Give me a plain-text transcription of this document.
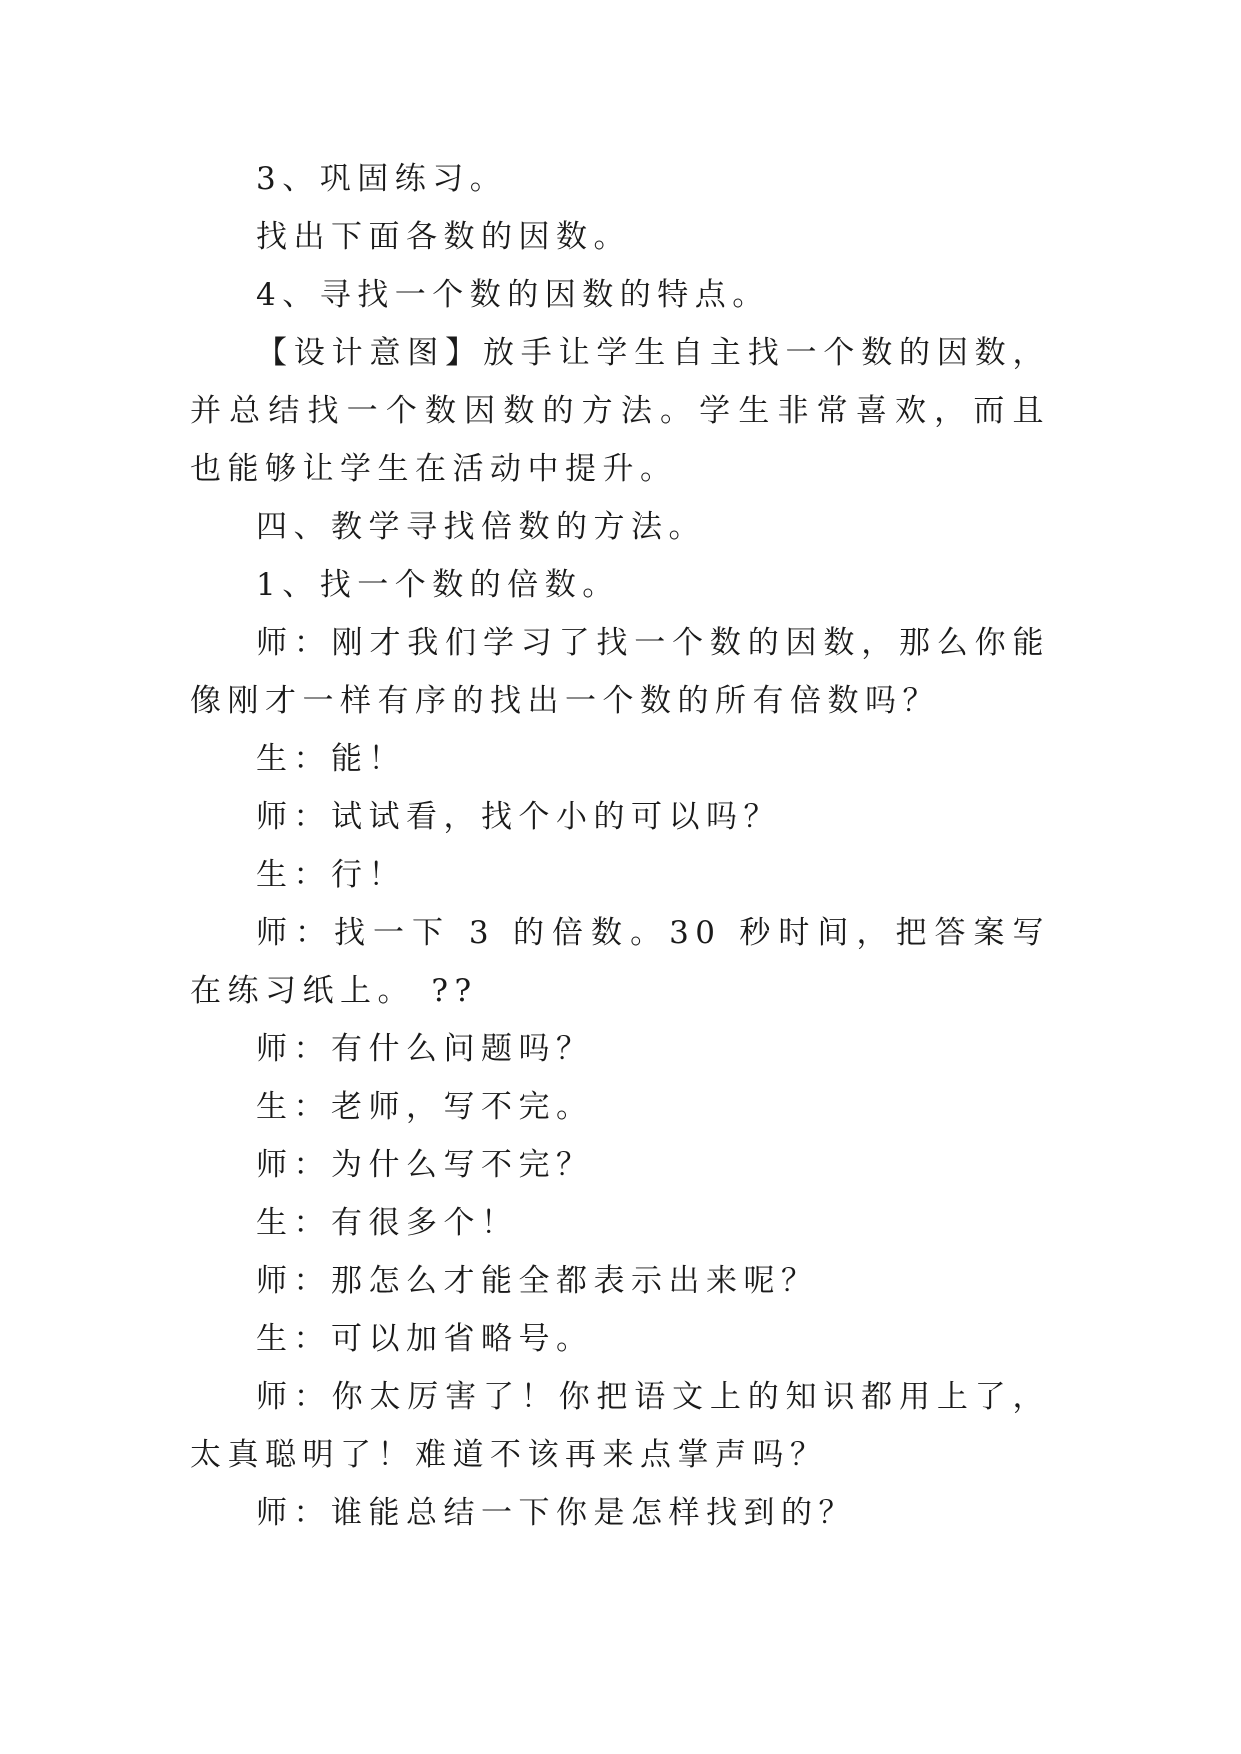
3、巩固练习。

找出下面各数的因数。

4、寻找一个数的因数的特点。

【设计意图】放手让学生自主找一个数的因数，并总结找一个数因数的方法。学生非常喜欢，而且也能够让学生在活动中提升。

四、教学寻找倍数的方法。

1、找一个数的倍数。

师：刚才我们学习了找一个数的因数，那么你能像刚才一样有序的找出一个数的所有倍数吗？

生：能！

师：试试看，找个小的可以吗？

生：行！

师：找一下 3 的倍数。30 秒时间，把答案写在练习纸上。 ??

师：有什么问题吗？

生：老师，写不完。

师：为什么写不完？

生：有很多个！

师：那怎么才能全都表示出来呢？

生：可以加省略号。

师：你太厉害了！你把语文上的知识都用上了，太真聪明了！难道不该再来点掌声吗？

师：谁能总结一下你是怎样找到的？
